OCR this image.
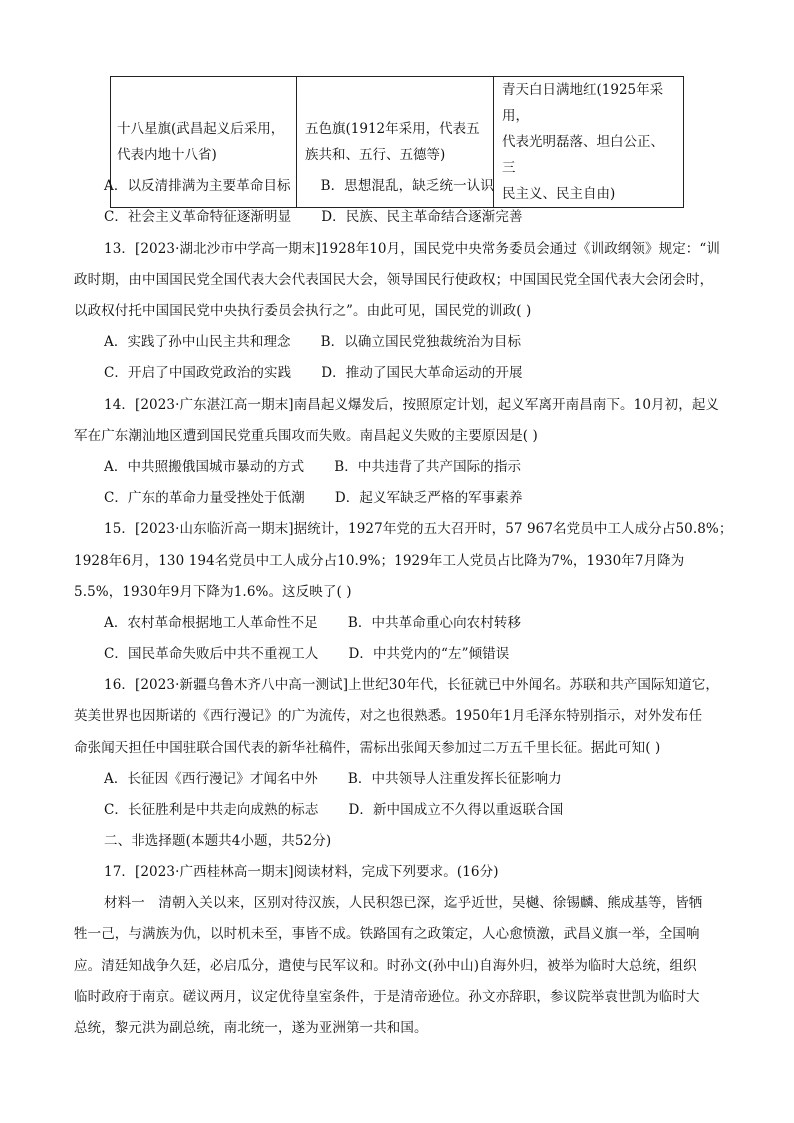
十八星旗(武昌起义后采用，
代表内地十八省)

五色旗(1912年采用，代表五
族共和、五行、五德等)

青天白日满地红(1925年采用，
代表光明磊落、坦白公正、三
民主义、民主自由)
A．以反清排满为主要革命目标 B．思想混乱，缺乏统一认识
C．社会主义革命特征逐渐明显 D．民族、民主革命结合逐渐完善
13．[2023·湖北沙市中学高一期末]1928年10月，国民党中央常务委员会通过《训政纲领》规定：“训
政时期，由中国国民党全国代表大会代表国民大会，领导国民行使政权；中国国民党全国代表大会闭会时，
以政权付托中国国民党中央执行委员会执行之”。由此可见，国民党的训政( )
A．实践了孙中山民主共和理念 B．以确立国民党独裁统治为目标
C．开启了中国政党政治的实践 D．推动了国民大革命运动的开展
14．[2023·广东湛江高一期末]南昌起义爆发后，按照原定计划，起义军离开南昌南下。10月初，起义
军在广东潮汕地区遭到国民党重兵围攻而失败。南昌起义失败的主要原因是( )
A．中共照搬俄国城市暴动的方式 B．中共违背了共产国际的指示
C．广东的革命力量受挫处于低潮 D．起义军缺乏严格的军事素养
15．[2023·山东临沂高一期末]据统计，1927年党的五大召开时，57 967名党员中工人成分占50.8%；
1928年6月，130 194名党员中工人成分占10.9%；1929年工人党员占比降为7%，1930年7月降为
5.5%，1930年9月下降为1.6%。这反映了( )
A．农村革命根据地工人革命性不足 B．中共革命重心向农村转移
C．国民革命失败后中共不重视工人 D．中共党内的“左”倾错误
16．[2023·新疆乌鲁木齐八中高一测试]上世纪30年代，长征就已中外闻名。苏联和共产国际知道它，
英美世界也因斯诺的《西行漫记》的广为流传，对之也很熟悉。1950年1月毛泽东特别指示，对外发布任
命张闻天担任中国驻联合国代表的新华社稿件，需标出张闻天参加过二万五千里长征。据此可知( )
A．长征因《西行漫记》才闻名中外 B．中共领导人注重发挥长征影响力
C．长征胜利是中共走向成熟的标志 D．新中国成立不久得以重返联合国
二、非选择题(本题共4小题，共52分)
17．[2023·广西桂林高一期末]阅读材料，完成下列要求。(16分)
材料一　清朝入关以来，区别对待汉族，人民积怨已深，迄乎近世，吴樾、徐锡麟、熊成基等，皆牺
牲一己，与满族为仇，以时机未至，事皆不成。铁路国有之政策定，人心愈愤激，武昌义旗一举，全国响
应。清廷知战争久廷，必启瓜分，遣使与民军议和。时孙文(孙中山)自海外归，被举为临时大总统，组织
临时政府于南京。磋议两月，议定优待皇室条件，于是清帝逊位。孙文亦辞职，参议院举袁世凯为临时大
总统，黎元洪为副总统，南北统一，遂为亚洲第一共和国。
